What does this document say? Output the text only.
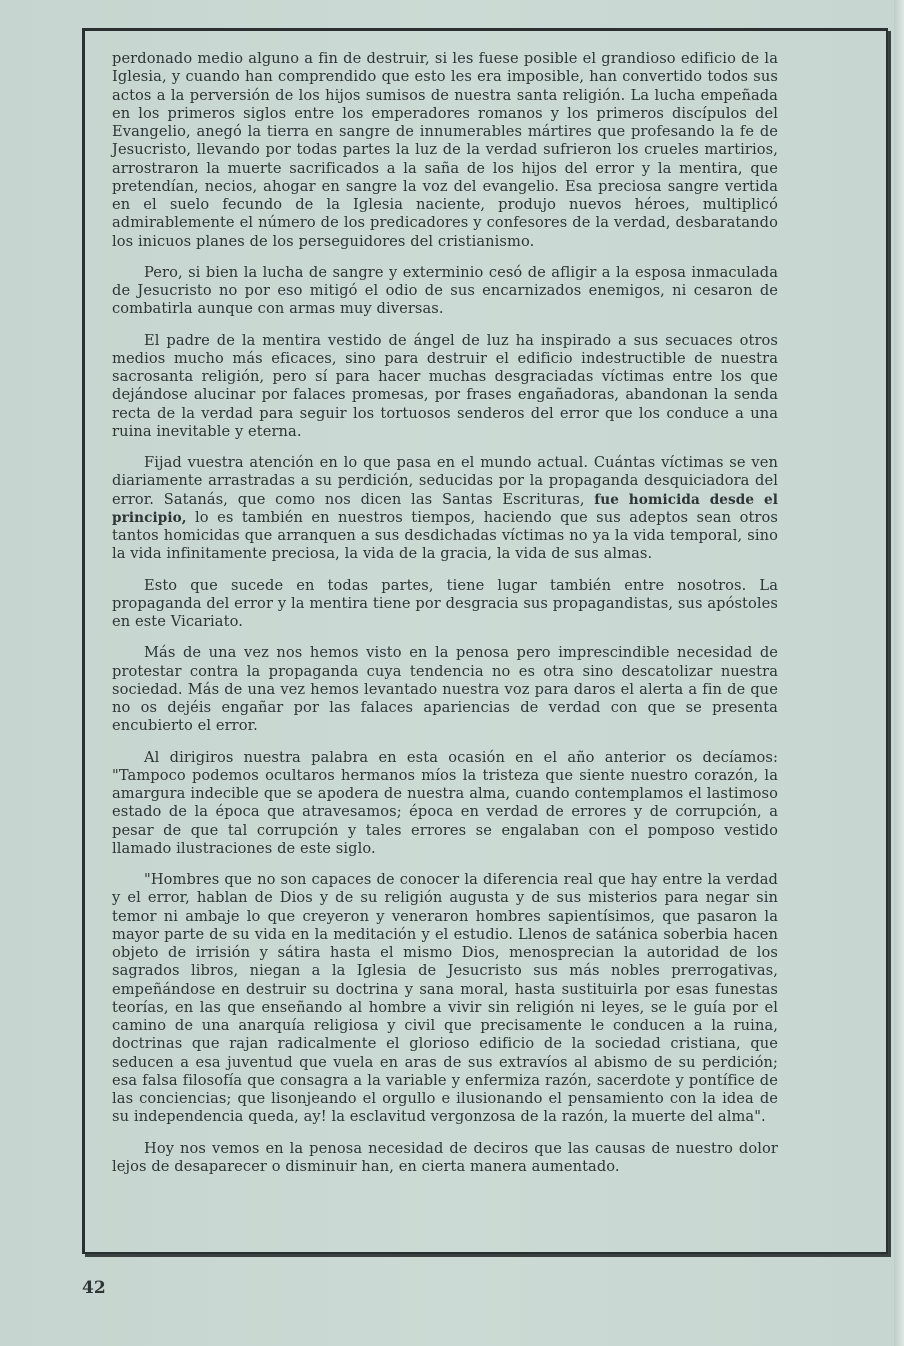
perdonado medio alguno a fin de destruir, si les fuese posible el grandioso edificio de la Iglesia, y cuando han comprendido que esto les era imposible, han convertido todos sus actos a la perversión de los hijos sumisos de nuestra santa religión. La lucha empeñada en los primeros siglos entre los emperadores romanos y los primeros discípulos del Evangelio, anegó la tierra en sangre de innumerables mártires que profesando la fe de Jesucristo, llevando por todas partes la luz de la verdad sufrieron los crueles martirios, arrostraron la muerte sacrificados a la saña de los hijos del error y la mentira, que pretendían, necios, ahogar en sangre la voz del evangelio. Esa preciosa sangre vertida en el suelo fecundo de la Iglesia naciente, produjo nuevos héroes, multiplicó admirablemente el número de los predicadores y confesores de la verdad, desbaratando los inicuos planes de los perseguidores del cristianismo.

Pero, si bien la lucha de sangre y exterminio cesó de afligir a la esposa inmaculada de Jesucristo no por eso mitigó el odio de sus encarnizados enemigos, ni cesaron de combatirla aunque con armas muy diversas.

El padre de la mentira vestido de ángel de luz ha inspirado a sus secuaces otros medios mucho más eficaces, sino para destruir el edificio indestructible de nuestra sacrosanta religión, pero sí para hacer muchas desgraciadas víctimas entre los que dejándose alucinar por falaces promesas, por frases engañadoras, abandonan la senda recta de la verdad para seguir los tortuosos senderos del error que los conduce a una ruina inevitable y eterna.

Fijad vuestra atención en lo que pasa en el mundo actual. Cuántas víctimas se ven diariamente arrastradas a su perdición, seducidas por la propaganda desquiciadora del error. Satanás, que como nos dicen las Santas Escrituras, fue homicida desde el principio, lo es también en nuestros tiempos, haciendo que sus adeptos sean otros tantos homicidas que arranquen a sus desdichadas víctimas no ya la vida temporal, sino la vida infinitamente preciosa, la vida de la gracia, la vida de sus almas.

Esto que sucede en todas partes, tiene lugar también entre nosotros. La propaganda del error y la mentira tiene por desgracia sus propagandistas, sus apóstoles en este Vicariato.

Más de una vez nos hemos visto en la penosa pero imprescindible necesidad de protestar contra la propaganda cuya tendencia no es otra sino descatolizar nuestra sociedad. Más de una vez hemos levantado nuestra voz para daros el alerta a fin de que no os dejéis engañar por las falaces apariencias de verdad con que se presenta encubierto el error.

Al dirigiros nuestra palabra en esta ocasión en el año anterior os decíamos: "Tampoco podemos ocultaros hermanos míos la tristeza que siente nuestro corazón, la amargura indecible que se apodera de nuestra alma, cuando contemplamos el lastimoso estado de la época que atravesamos; época en verdad de errores y de corrupción, a pesar de que tal corrupción y tales errores se engalaban con el pomposo vestido llamado ilustraciones de este siglo.

"Hombres que no son capaces de conocer la diferencia real que hay entre la verdad y el error, hablan de Dios y de su religión augusta y de sus misterios para negar sin temor ni ambaje lo que creyeron y veneraron hombres sapientísimos, que pasaron la mayor parte de su vida en la meditación y el estudio. Llenos de satánica soberbia hacen objeto de irrisión y sátira hasta el mismo Dios, menosprecian la autoridad de los sagrados libros, niegan a la Iglesia de Jesucristo sus más nobles prerrogativas, empeñándose en destruir su doctrina y sana moral, hasta sustituirla por esas funestas teorías, en las que enseñando al hombre a vivir sin religión ni leyes, se le guía por el camino de una anarquía religiosa y civil que precisamente le conducen a la ruina, doctrinas que rajan radicalmente el glorioso edificio de la sociedad cristiana, que seducen a esa juventud que vuela en aras de sus extravíos al abismo de su perdición; esa falsa filosofía que consagra a la variable y enfermiza razón, sacerdote y pontífice de las conciencias; que lisonjeando el orgullo e ilusionando el pensamiento con la idea de su independencia queda, ay! la esclavitud vergonzosa de la razón, la muerte del alma".

Hoy nos vemos en la penosa necesidad de deciros que las causas de nuestro dolor lejos de desaparecer o disminuir han, en cierta manera aumentado.

42
